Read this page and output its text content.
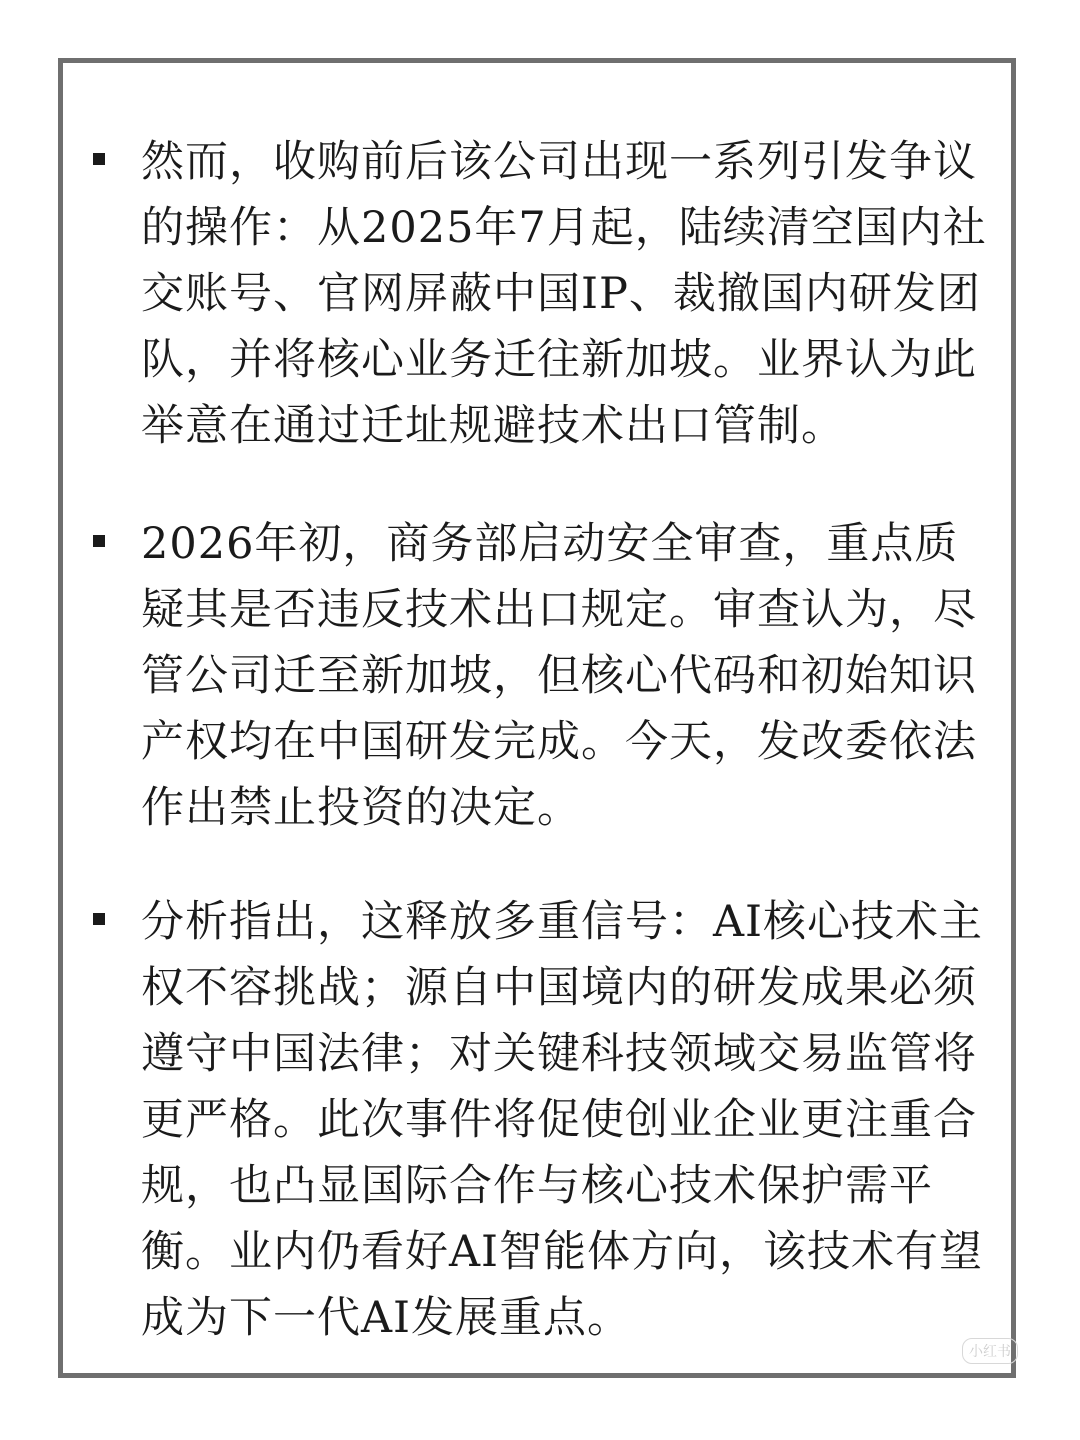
然而，收购前后该公司出现一系列引发争议的操作：从2025年7月起，陆续清空国内社交账号、官网屏蔽中国IP、裁撤国内研发团队，并将核心业务迁往新加坡。业界认为此举意在通过迁址规避技术出口管制。
2026年初，商务部启动安全审查，重点质疑其是否违反技术出口规定。审查认为，尽管公司迁至新加坡，但核心代码和初始知识产权均在中国研发完成。今天，发改委依法作出禁止投资的决定。
分析指出，这释放多重信号：AI核心技术主权不容挑战；源自中国境内的研发成果必须遵守中国法律；对关键科技领域交易监管将更严格。此次事件将促使创业企业更注重合规，也凸显国际合作与核心技术保护需平衡。业内仍看好AI智能体方向，该技术有望成为下一代AI发展重点。
小红书
